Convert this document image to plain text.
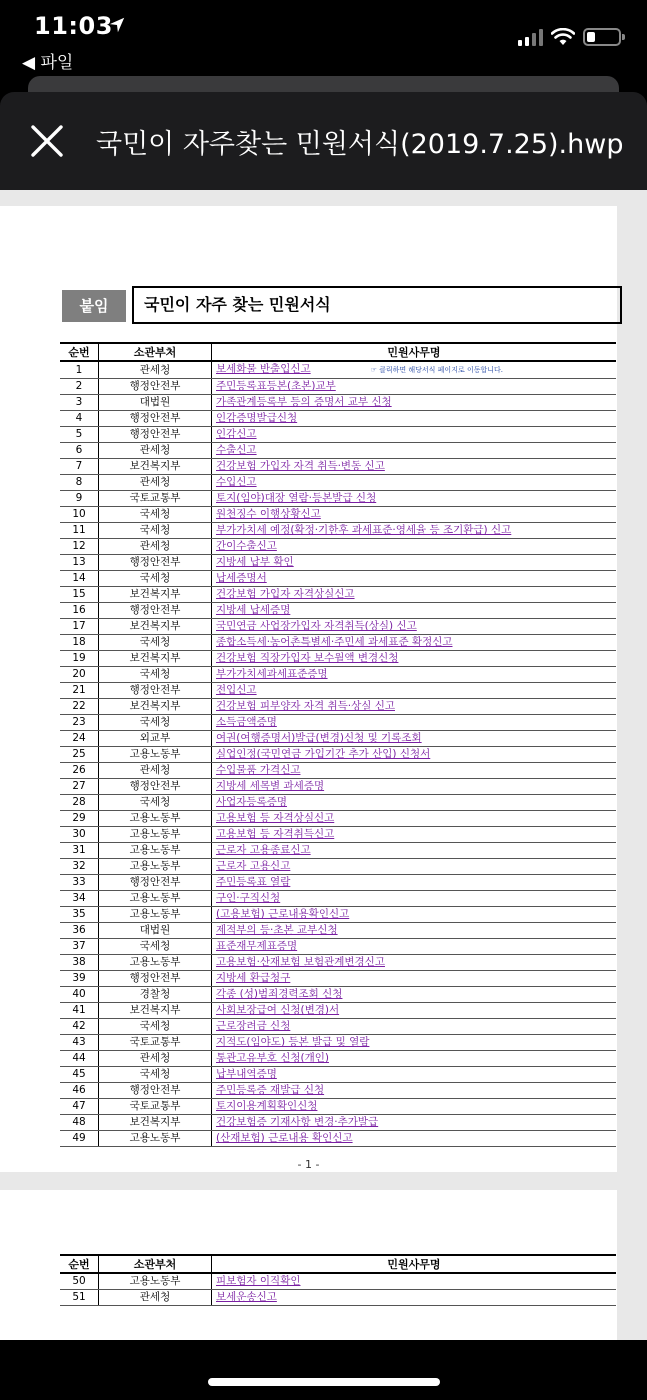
11:03
◀ 파일
국민이 자주찾는 민원서식(2019.7.25).hwp
붙임	국민이 자주 찾는 민원서식
순번	소관부처	민원사무명
1	관세청	보세화물 반출입신고 ☞ 클릭하면 해당서식 페이지로 이동합니다.
2	행정안전부	주민등록표등본(초본)교부
3	대법원	가족관계등록부 등의 증명서 교부 신청
4	행정안전부	인감증명발급신청
5	행정안전부	인감신고
6	관세청	수출신고
7	보건복지부	건강보험 가입자 자격 취득·변동 신고
8	관세청	수입신고
9	국토교통부	토지(임야)대장 열람·등본발급 신청
10	국세청	원천징수 이행상황신고
11	국세청	부가가치세 예정(확정·기한후 과세표준·영세율 등 조기환급) 신고
12	관세청	간이수출신고
13	행정안전부	지방세 납부 확인
14	국세청	납세증명서
15	보건복지부	건강보험 가입자 자격상실신고
16	행정안전부	지방세 납세증명
17	보건복지부	국민연금 사업장가입자 자격취득(상실) 신고
18	국세청	종합소득세·농어촌특별세·주민세 과세표준 확정신고
19	보건복지부	건강보험 직장가입자 보수월액 변경신청
20	국세청	부가가치세과세표준증명
21	행정안전부	전입신고
22	보건복지부	건강보험 피부양자 자격 취득·상실 신고
23	국세청	소득금액증명
24	외교부	여권(여행증명서)발급(변경)신청 및 기록조회
25	고용노동부	실업인정(국민연금 가입기간 추가 산입) 신청서
26	관세청	수입물품 가격신고
27	행정안전부	지방세 세목별 과세증명
28	국세청	사업자등록증명
29	고용노동부	고용보험 등 자격상실신고
30	고용노동부	고용보험 등 자격취득신고
31	고용노동부	근로자 고용종료신고
32	고용노동부	근로자 고용신고
33	행정안전부	주민등록표 열람
34	고용노동부	구인·구직신청
35	고용노동부	(고용보험) 근로내용확인신고
36	대법원	제적부의 등·초본 교부신청
37	국세청	표준재무제표증명
38	고용노동부	고용보험·산재보험 보험관계변경신고
39	행정안전부	지방세 환급청구
40	경찰청	각종 (성)범죄경력조회 신청
41	보건복지부	사회보장급여 신청(변경)서
42	국세청	근로장려금 신청
43	국토교통부	지적도(임야도) 등본 발급 및 열람
44	관세청	통관고유부호 신청(개인)
45	국세청	납부내역증명
46	행정안전부	주민등록증 재발급 신청
47	국토교통부	토지이용계획확인신청
48	보건복지부	건강보험증 기재사항 변경·추가발급
49	고용노동부	(산재보험) 근로내용 확인신고
- 1 -
순번	소관부처	민원사무명
50	고용노동부	피보험자 이직확인
51	관세청	보세운송신고
